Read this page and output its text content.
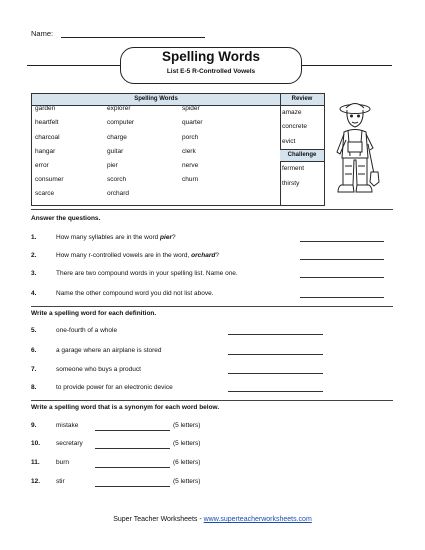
Name:
Spelling Words
List E-5 R-Controlled Vowels
Spelling Words	Review
garden	explorer	spider
heartfelt	computer	quarter
charcoal	charge	porch
hangar	guitar	clerk
error	pier	nerve
consumer	scorch	churn
scarce	orchard
amaze
concrete
evict
Challenge
ferment
thirsty
Answer the questions.
1.	How many syllables are in the word pier?
2.	How many r-controlled vowels are in the word, orchard?
3.	There are two compound words in your spelling list. Name one.
4.	Name the other compound word you did not list above.
Write a spelling word for each definition.
5.	one-fourth of a whole
6.	a garage where an airplane is stored
7.	someone who buys a product
8.	to provide power for an electronic device
Write a spelling word that is a synonym for each word below.
9.	mistake	(5 letters)
10. secretary	(5 letters)
11.	burn	(6 letters)
12. stir	(5 letters)
Super Teacher Worksheets - www.superteacherworksheets.com
